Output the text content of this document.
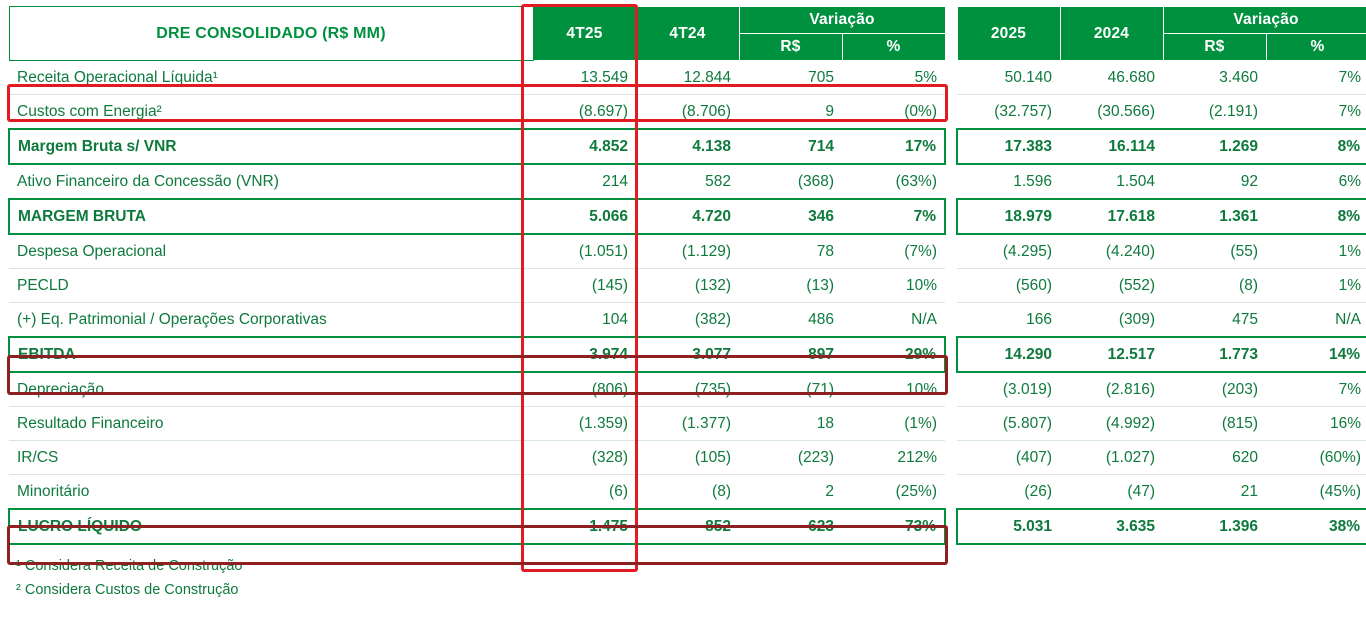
DRE CONSOLIDADO (R$ MM)	4T25	4T24	Variação			2025	2024	Variação	
			R$	%				R$	%
Receita Operacional Líquida¹	13.549	12.844	705	5%		50.140	46.680	3.460	7%
Custos com Energia²	(8.697)	(8.706)	9	(0%)		(32.757)	(30.566)	(2.191)	7%
Margem Bruta s/ VNR	4.852	4.138	714	17%		17.383	16.114	1.269	8%
Ativo Financeiro da Concessão (VNR)	214	582	(368)	(63%)		1.596	1.504	92	6%
MARGEM BRUTA	5.066	4.720	346	7%		18.979	17.618	1.361	8%
Despesa Operacional	(1.051)	(1.129)	78	(7%)		(4.295)	(4.240)	(55)	1%
PECLD	(145)	(132)	(13)	10%		(560)	(552)	(8)	1%
(+) Eq. Patrimonial / Operações Corporativas	104	(382)	486	N/A		166	(309)	475	N/A
EBITDA	3.974	3.077	897	29%		14.290	12.517	1.773	14%
Depreciação	(806)	(735)	(71)	10%		(3.019)	(2.816)	(203)	7%
Resultado Financeiro	(1.359)	(1.377)	18	(1%)		(5.807)	(4.992)	(815)	16%
IR/CS	(328)	(105)	(223)	212%		(407)	(1.027)	620	(60%)
Minoritário	(6)	(8)	2	(25%)		(26)	(47)	21	(45%)
LUCRO LÍQUIDO	1.475	852	623	73%		5.031	3.635	1.396	38%
¹ Considera Receita de Construção
² Considera Custos de Construção
